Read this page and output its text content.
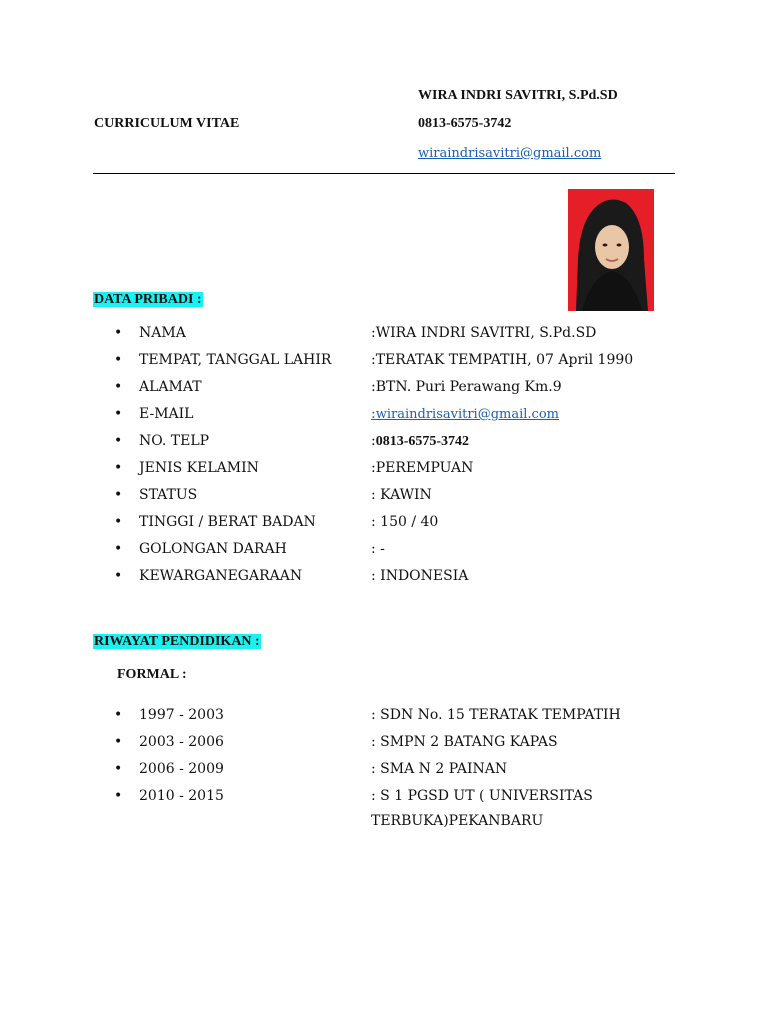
CURRICULUM VITAE
WIRA INDRI SAVITRI, S.Pd.SD
0813-6575-3742
wiraindrisavitri@gmail.com
DATA PRIBADI :
• NAMA	:WIRA INDRI SAVITRI, S.Pd.SD
• TEMPAT, TANGGAL LAHIR	:TERATAK TEMPATIH, 07 April 1990
• ALAMAT	:BTN. Puri Perawang Km.9
• E-MAIL	:wiraindrisavitri@gmail.com
• NO. TELP	:0813-6575-3742
• JENIS KELAMIN	:PEREMPUAN
• STATUS	: KAWIN
• TINGGI / BERAT BADAN	: 150 / 40
• GOLONGAN DARAH	: -
• KEWARGANEGARAAN	: INDONESIA
RIWAYAT PENDIDIKAN :
FORMAL :
• 1997 - 2003	: SDN No. 15 TERATAK TEMPATIH
• 2003 - 2006	: SMPN 2 BATANG KAPAS
• 2006 - 2009	: SMA N 2 PAINAN
• 2010 - 2015	: S 1 PGSD UT ( UNIVERSITAS
TERBUKA)PEKANBARU
